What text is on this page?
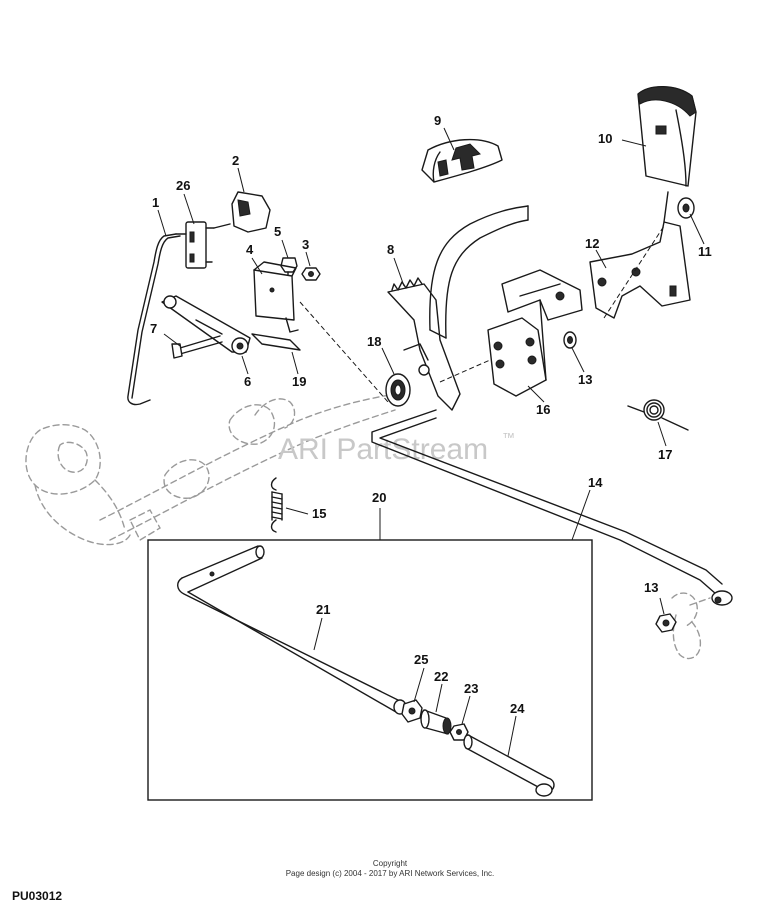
ARI PartStream ™
1
26
2
5
3
4
7
6	19
8
9
10
11
12
13
16
18
17
15
14
20
13
21
25
22
23
24
Copyright
Page design (c) 2004 - 2017 by ARI Network Services, Inc.
PU03012
